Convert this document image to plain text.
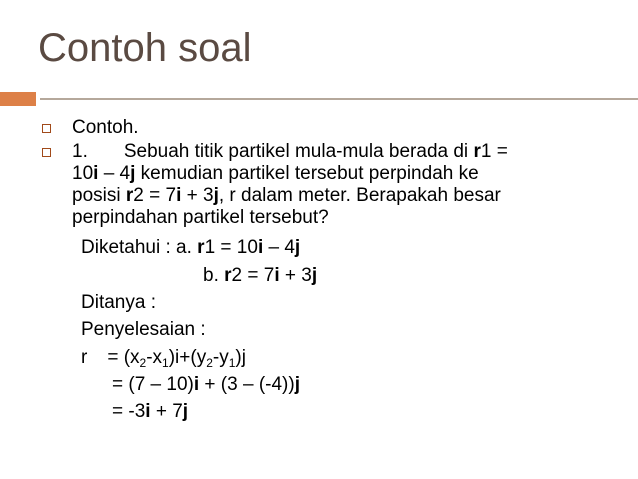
Contoh soal
Contoh.
1. Sebuah titik partikel mula-mula berada di r1 =
10i – 4j kemudian partikel tersebut perpindah ke
posisi r2 = 7i + 3j, r dalam meter. Berapakah besar
perpindahan partikel tersebut?
Diketahui : a. r1 = 10i – 4j
b. r2 = 7i + 3j
Ditanya :
Penyelesaian :
$r = (x_2-x_1)i+(y_2-y_1)j$
= (7 – 10)i + (3 – (-4))j
= -3i + 7j
